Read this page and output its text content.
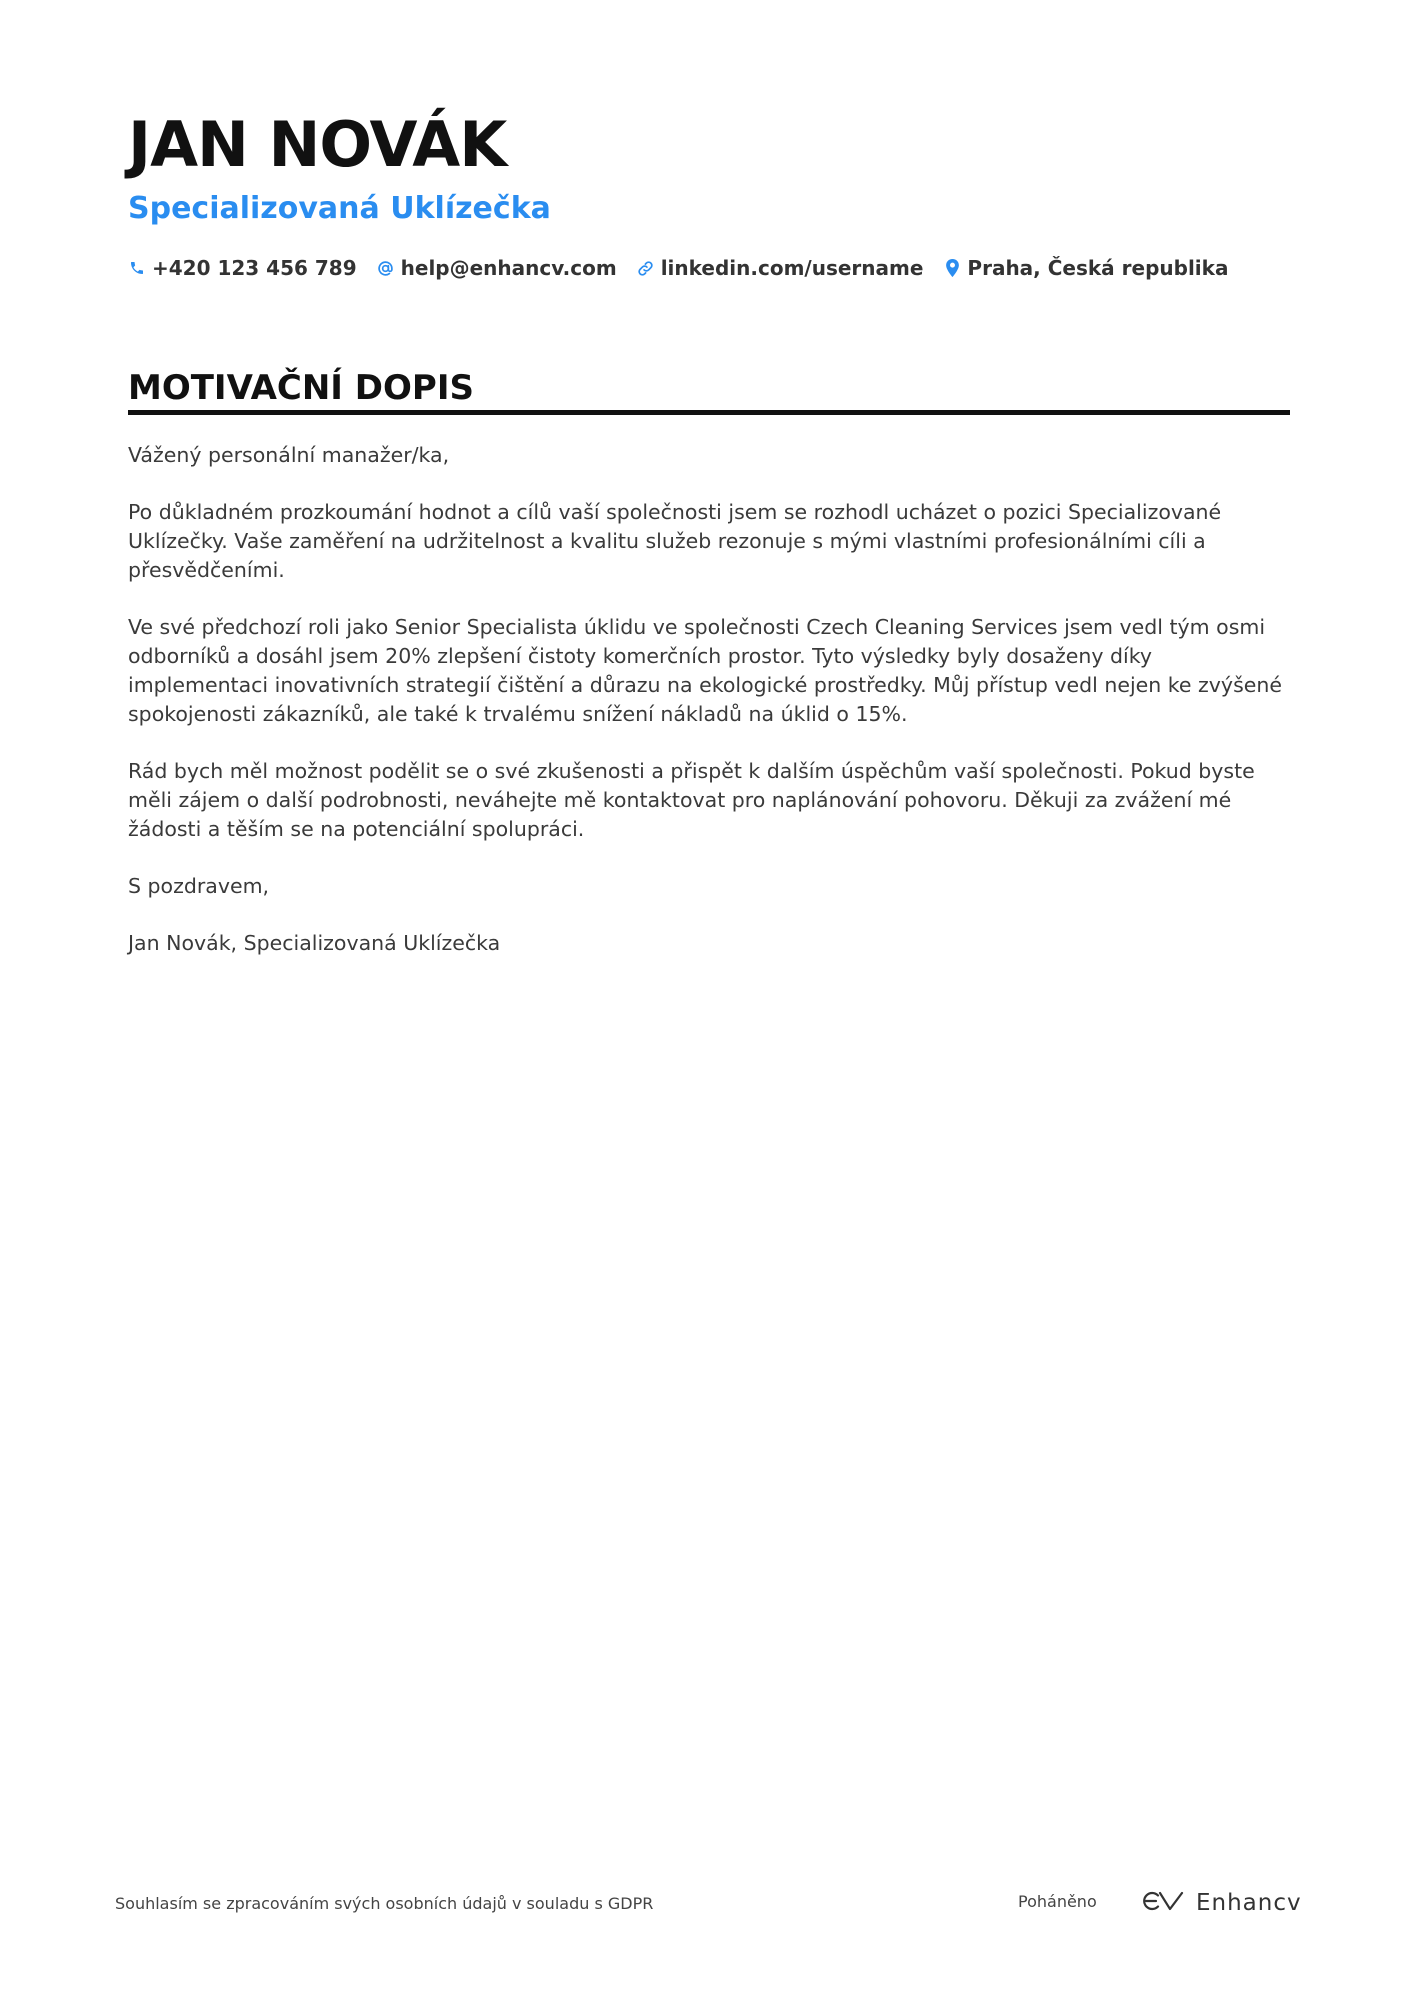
JAN NOVÁK
Specializovaná Uklízečka
+420 123 456 789 help@enhancv.com linkedin.com/username Praha, Česká republika
MOTIVAČNÍ DOPIS

Vážený personální manažer/ka,

Po důkladném prozkoumání hodnot a cílů vaší společnosti jsem se rozhodl ucházet o pozici Specializované Uklízečky. Vaše zaměření na udržitelnost a kvalitu služeb rezonuje s mými vlastními profesionálními cíli a přesvědčeními.

Ve své předchozí roli jako Senior Specialista úklidu ve společnosti Czech Cleaning Services jsem vedl tým osmi odborníků a dosáhl jsem 20% zlepšení čistoty komerčních prostor. Tyto výsledky byly dosaženy díky implementaci inovativních strategií čištění a důrazu na ekologické prostředky. Můj přístup vedl nejen ke zvýšené spokojenosti zákazníků, ale také k trvalému snížení nákladů na úklid o 15%.

Rád bych měl možnost podělit se o své zkušenosti a přispět k dalším úspěchům vaší společnosti. Pokud byste měli zájem o další podrobnosti, neváhejte mě kontaktovat pro naplánování pohovoru. Děkuji za zvážení mé žádosti a těším se na potenciální spolupráci.

S pozdravem,

Jan Novák, Specializovaná Uklízečka

Souhlasím se zpracováním svých osobních údajů v souladu s GDPR	Poháněno	Enhancv
